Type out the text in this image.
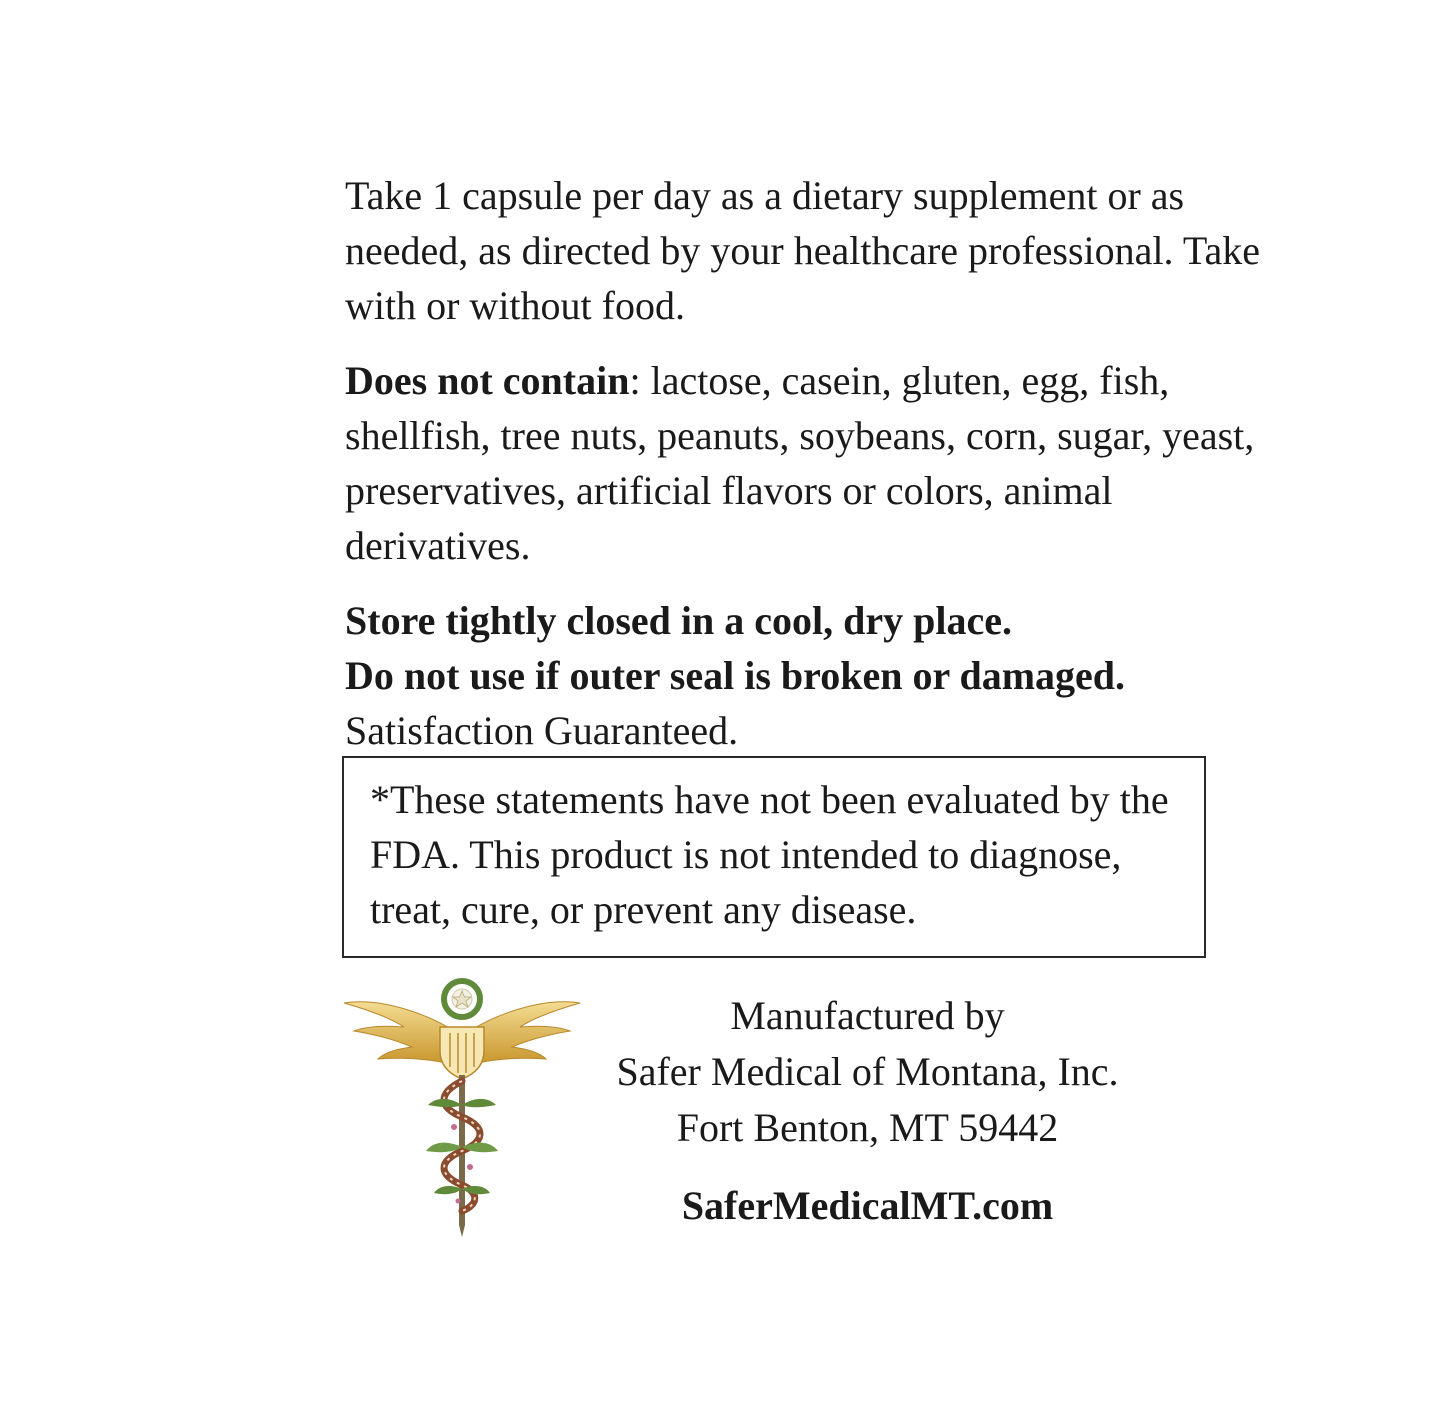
Take 1 capsule per day as a dietary supplement or as needed, as directed by your healthcare professional. Take with or without food.

Does not contain: lactose, casein, gluten, egg, fish, shellfish, tree nuts, peanuts, soybeans, corn, sugar, yeast, preservatives, artificial flavors or colors, animal derivatives.

Store tightly closed in a cool, dry place.
Do not use if outer seal is broken or damaged.
Satisfaction Guaranteed.

*These statements have not been evaluated by the FDA. This product is not intended to diagnose, treat, cure, or prevent any disease.
Manufactured by
Safer Medical of Montana, Inc.
Fort Benton, MT 59442
SaferMedicalMT.com
